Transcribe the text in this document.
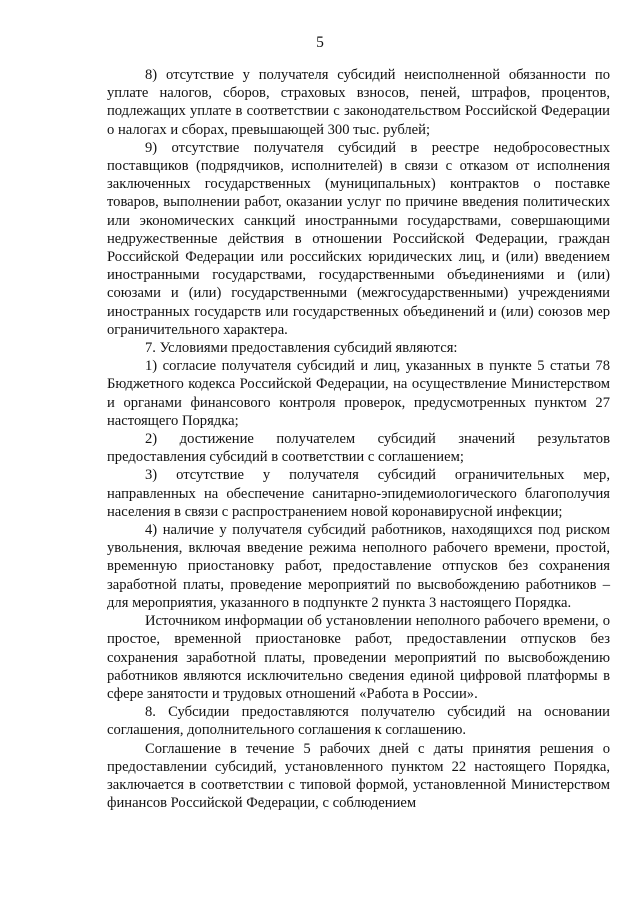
5

8) отсутствие у получателя субсидий неисполненной обязанности по уплате налогов, сборов, страховых взносов, пеней, штрафов, процентов, подлежащих уплате в соответствии с законодательством Российской Федерации о налогах и сборах, превышающей 300 тыс. рублей;

9) отсутствие получателя субсидий в реестре недобросовестных поставщиков (подрядчиков, исполнителей) в связи с отказом от исполнения заключенных государственных (муниципальных) контрактов о поставке товаров, выполнении работ, оказании услуг по причине введения политических или экономических санкций иностранными государствами, совершающими недружественные действия в отношении Российской Федерации, граждан Российской Федерации или российских юридических лиц, и (или) введением иностранными государствами, государственными объединениями и (или) союзами и (или) государственными (межгосударственными) учреждениями иностранных государств или государственных объединений и (или) союзов мер ограничительного характера.

7. Условиями предоставления субсидий являются:

1) согласие получателя субсидий и лиц, указанных в пункте 5 статьи 78 Бюджетного кодекса Российской Федерации, на осуществление Министерством и органами финансового контроля проверок, предусмотренных пунктом 27 настоящего Порядка;

2) достижение получателем субсидий значений результатов предоставления субсидий в соответствии с соглашением;

3) отсутствие у получателя субсидий ограничительных мер, направленных на обеспечение санитарно-эпидемиологического благополучия населения в связи с распространением новой коронавирусной инфекции;

4) наличие у получателя субсидий работников, находящихся под риском увольнения, включая введение режима неполного рабочего времени, простой, временную приостановку работ, предоставление отпусков без сохранения заработной платы, проведение мероприятий по высвобождению работников – для мероприятия, указанного в подпункте 2 пункта 3 настоящего Порядка.

Источником информации об установлении неполного рабочего времени, о простое, временной приостановке работ, предоставлении отпусков без сохранения заработной платы, проведении мероприятий по высвобождению работников являются исключительно сведения единой цифровой платформы в сфере занятости и трудовых отношений «Работа в России».

8. Субсидии предоставляются получателю субсидий на основании соглашения, дополнительного соглашения к соглашению.

Соглашение в течение 5 рабочих дней с даты принятия решения о предоставлении субсидий, установленного пунктом 22 настоящего Порядка, заключается в соответствии с типовой формой, установленной Министерством финансов Российской Федерации, с соблюдением
